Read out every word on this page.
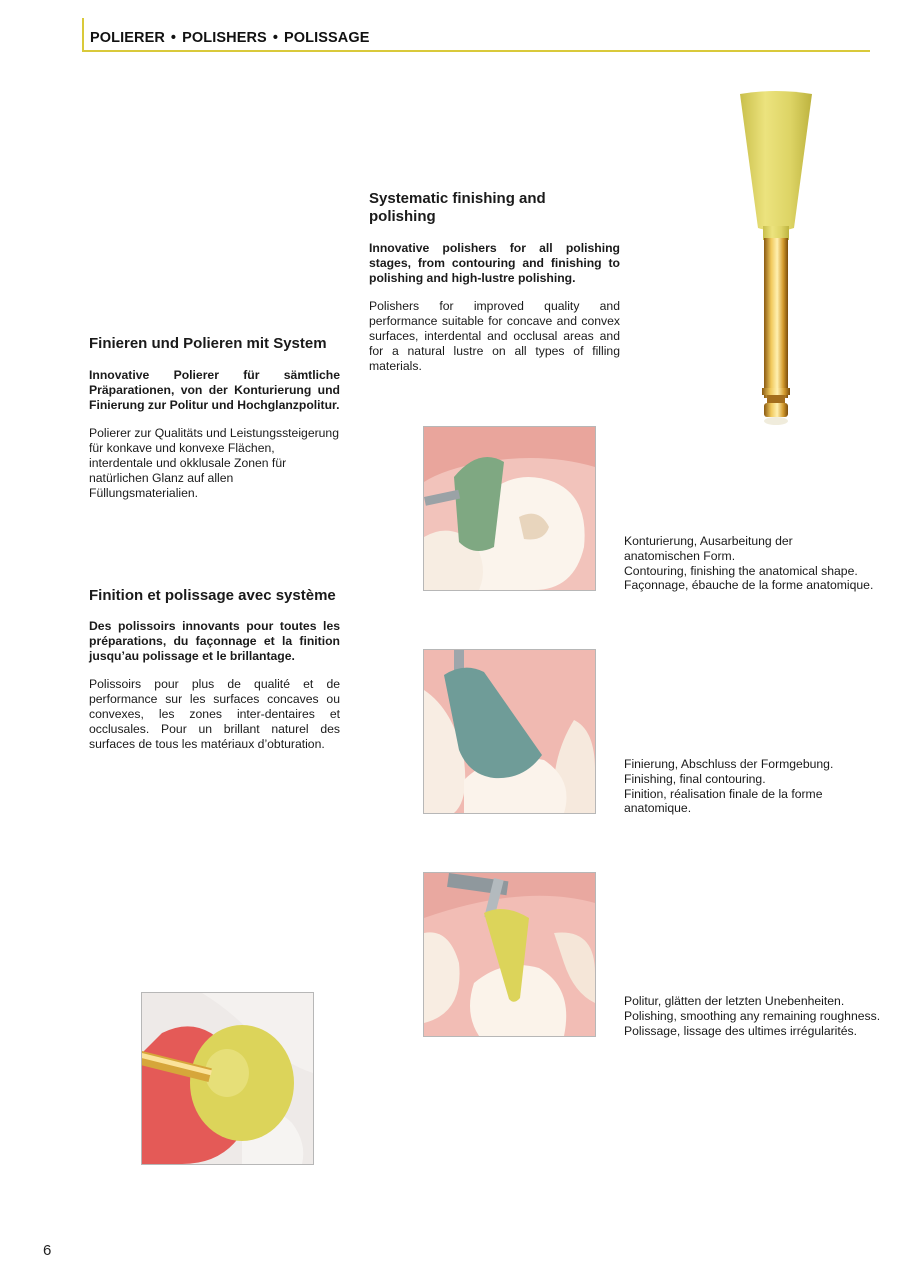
POLIERER • POLISHERS • POLISSAGE
Systematic finishing and polishing
Innovative polishers for all polishing stages, from contouring and finishing to polishing and high-lustre polishing.
Polishers for improved quality and performance suitable for concave and convex surfaces, interdental and occlusal areas and for a natural lustre on all types of filling materials.
Finieren und Polieren mit System
Innovative Polierer für sämtliche Präparationen, von der Konturierung und Finierung zur Politur und Hochglanzpolitur.
Polierer zur Qualitäts und Leistungssteigerung für konkave und konvexe Flächen, interdentale und okklusale Zonen für natürlichen Glanz auf allen Füllungsmaterialien.
Finition et polissage avec système
Des polissoirs innovants pour toutes les préparations, du façonnage et la finition jusqu’au polissage et le brillantage.
Polissoirs pour plus de qualité et de performance sur les surfaces concaves ou convexes, les zones inter-dentaires et occlusales. Pour un brillant naturel des surfaces de tous les matériaux d’obturation.
Konturierung, Ausarbeitung der
anatomischen Form.
Contouring, finishing the anatomical shape.
Façonnage, ébauche de la forme anatomique.
Finierung, Abschluss der Formgebung.
Finishing, final contouring.
Finition, réalisation finale de la forme
anatomique.
Politur, glätten der letzten Unebenheiten.
Polishing, smoothing any remaining roughness.
Polissage, lissage des ultimes irrégularités.
6
